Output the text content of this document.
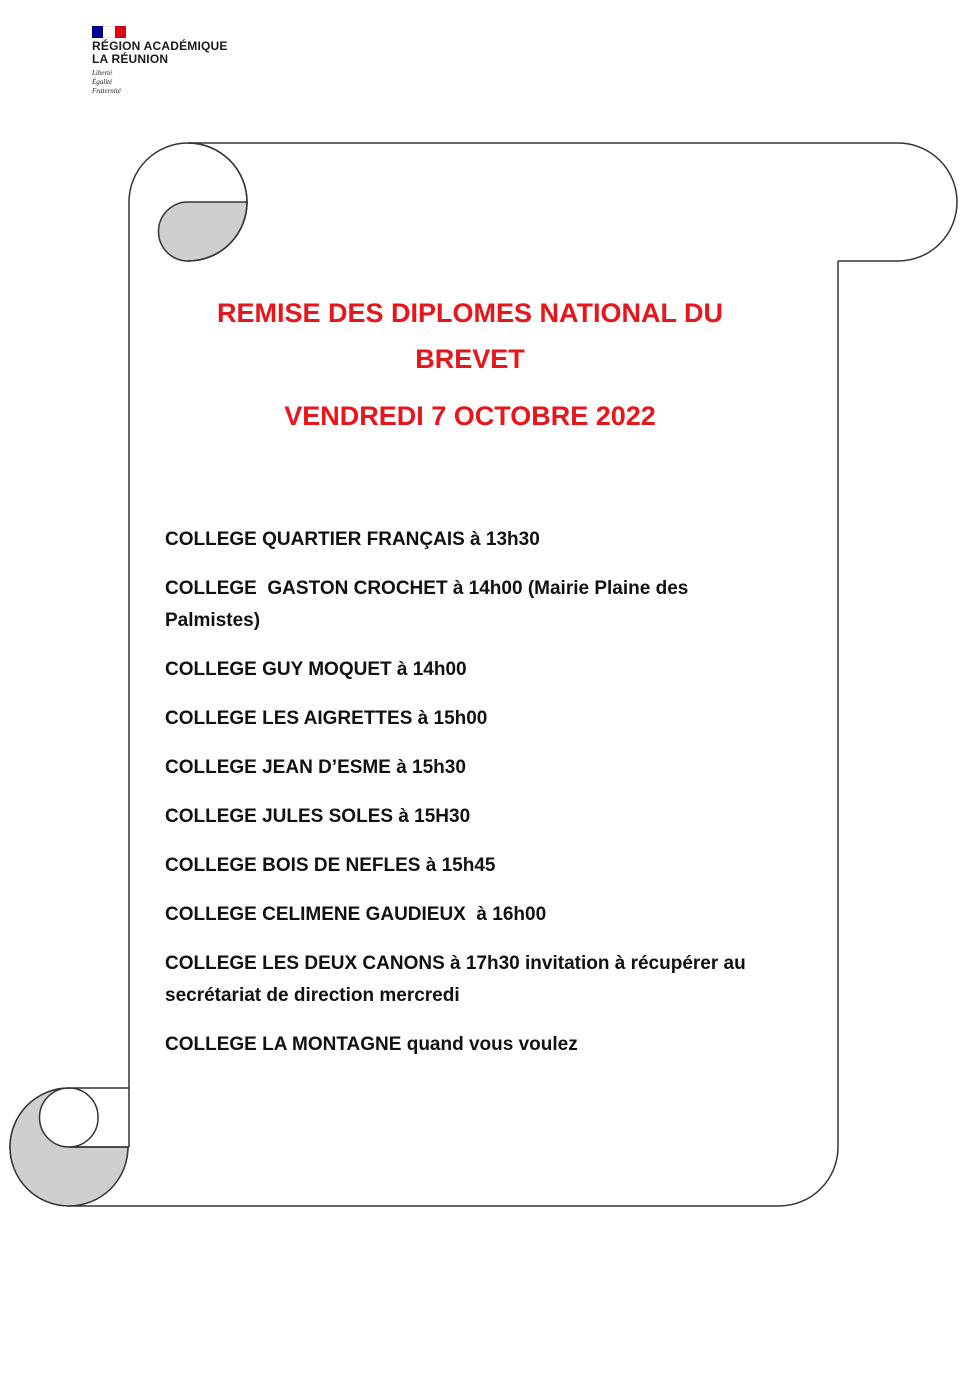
RÉGION ACADÉMIQUE
LA RÉUNION
Liberté
Égalité
Fraternité
REMISE DES DIPLOMES NATIONAL DU
BREVET
VENDREDI 7 OCTOBRE 2022
COLLEGE QUARTIER FRANÇAIS à 13h30
COLLEGE  GASTON CROCHET à 14h00 (Mairie Plaine des Palmistes)
COLLEGE GUY MOQUET à 14h00
COLLEGE LES AIGRETTES à 15h00
COLLEGE JEAN D’ESME à 15h30
COLLEGE JULES SOLES à 15H30
COLLEGE BOIS DE NEFLES à 15h45
COLLEGE CELIMENE GAUDIEUX  à 16h00
COLLEGE LES DEUX CANONS à 17h30 invitation à récupérer au secrétariat de direction mercredi
COLLEGE LA MONTAGNE quand vous voulez
